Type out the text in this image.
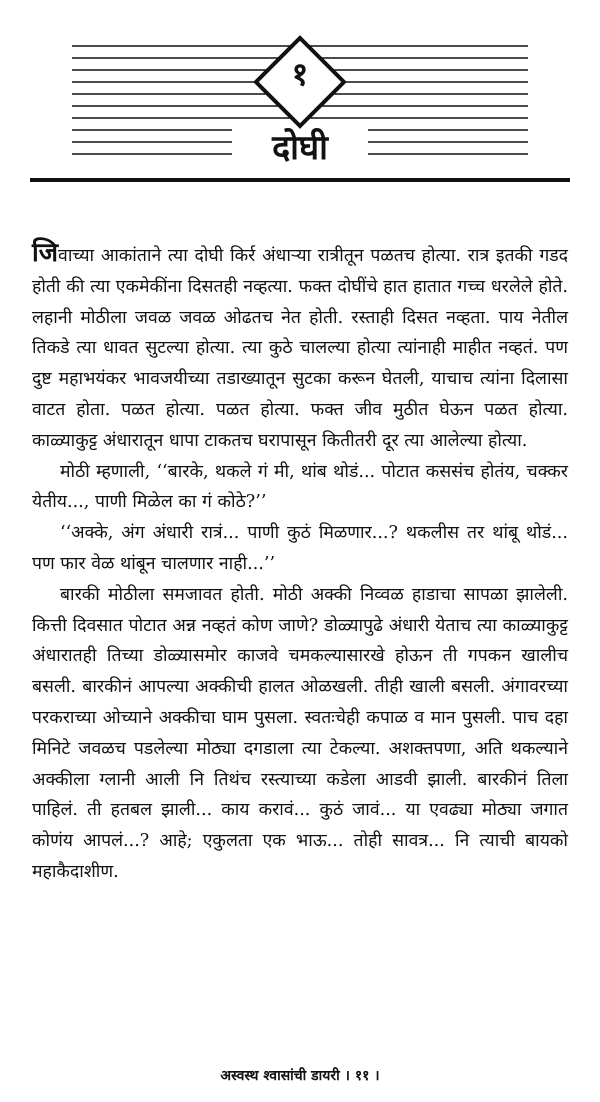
१
दोघी

जिवाच्या आकांताने त्या दोघी किर्र अंधाऱ्या रात्रीतून पळतच होत्या. रात्र इतकी गडद होती की त्या एकमेकींना दिसतही नव्हत्या. फक्त दोघींचे हात हातात गच्च धरलेले होते. लहानी मोठीला जवळ जवळ ओढतच नेत होती. रस्ताही दिसत नव्हता. पाय नेतील तिकडे त्या धावत सुटल्या होत्या. त्या कुठे चालल्या होत्या त्यांनाही माहीत नव्हतं. पण दुष्ट महाभयंकर भावजयीच्या तडाख्यातून सुटका करून घेतली, याचाच त्यांना दिलासा वाटत होता. पळत होत्या. पळत होत्या. फक्त जीव मुठीत घेऊन पळत होत्या. काळ्याकुट्ट अंधारातून धापा टाकतच घरापासून कितीतरी दूर त्या आलेल्या होत्या.

मोठी म्हणाली, ‘‘बारके, थकले गं मी, थांब थोडं... पोटात कससंच होतंय, चक्कर येतीय..., पाणी मिळेल का गं कोठे?’’

‘‘अक्के, अंग अंधारी रात्रं... पाणी कुठं मिळणार...? थकलीस तर थांबू थोडं... पण फार वेळ थांबून चालणार नाही...’’

बारकी मोठीला समजावत होती. मोठी अक्की निव्वळ हाडाचा सापळा झालेली. कित्ती दिवसात पोटात अन्न नव्हतं कोण जाणे? डोळ्यापुढे अंधारी येताच त्या काळ्याकुट्ट अंधारातही तिच्या डोळ्यासमोर काजवे चमकल्यासारखे होऊन ती गपकन खालीच बसली. बारकीनं आपल्या अक्कीची हालत ओळखली. तीही खाली बसली. अंगावरच्या परकराच्या ओच्याने अक्कीचा घाम पुसला. स्वतःचेही कपाळ व मान पुसली. पाच दहा मिनिटे जवळच पडलेल्या मोठ्या दगडाला त्या टेकल्या. अशक्तपणा, अति थकल्याने अक्कीला ग्लानी आली नि तिथंच रस्त्याच्या कडेला आडवी झाली. बारकीनं तिला पाहिलं. ती हतबल झाली... काय करावं... कुठं जावं... या एवढ्या मोठ्या जगात कोणंय आपलं...? आहे; एकुलता एक भाऊ... तोही सावत्र... नि त्याची बायको महाकैदाशीण.

अस्वस्थ श्वासांची डायरी । ११ ।
